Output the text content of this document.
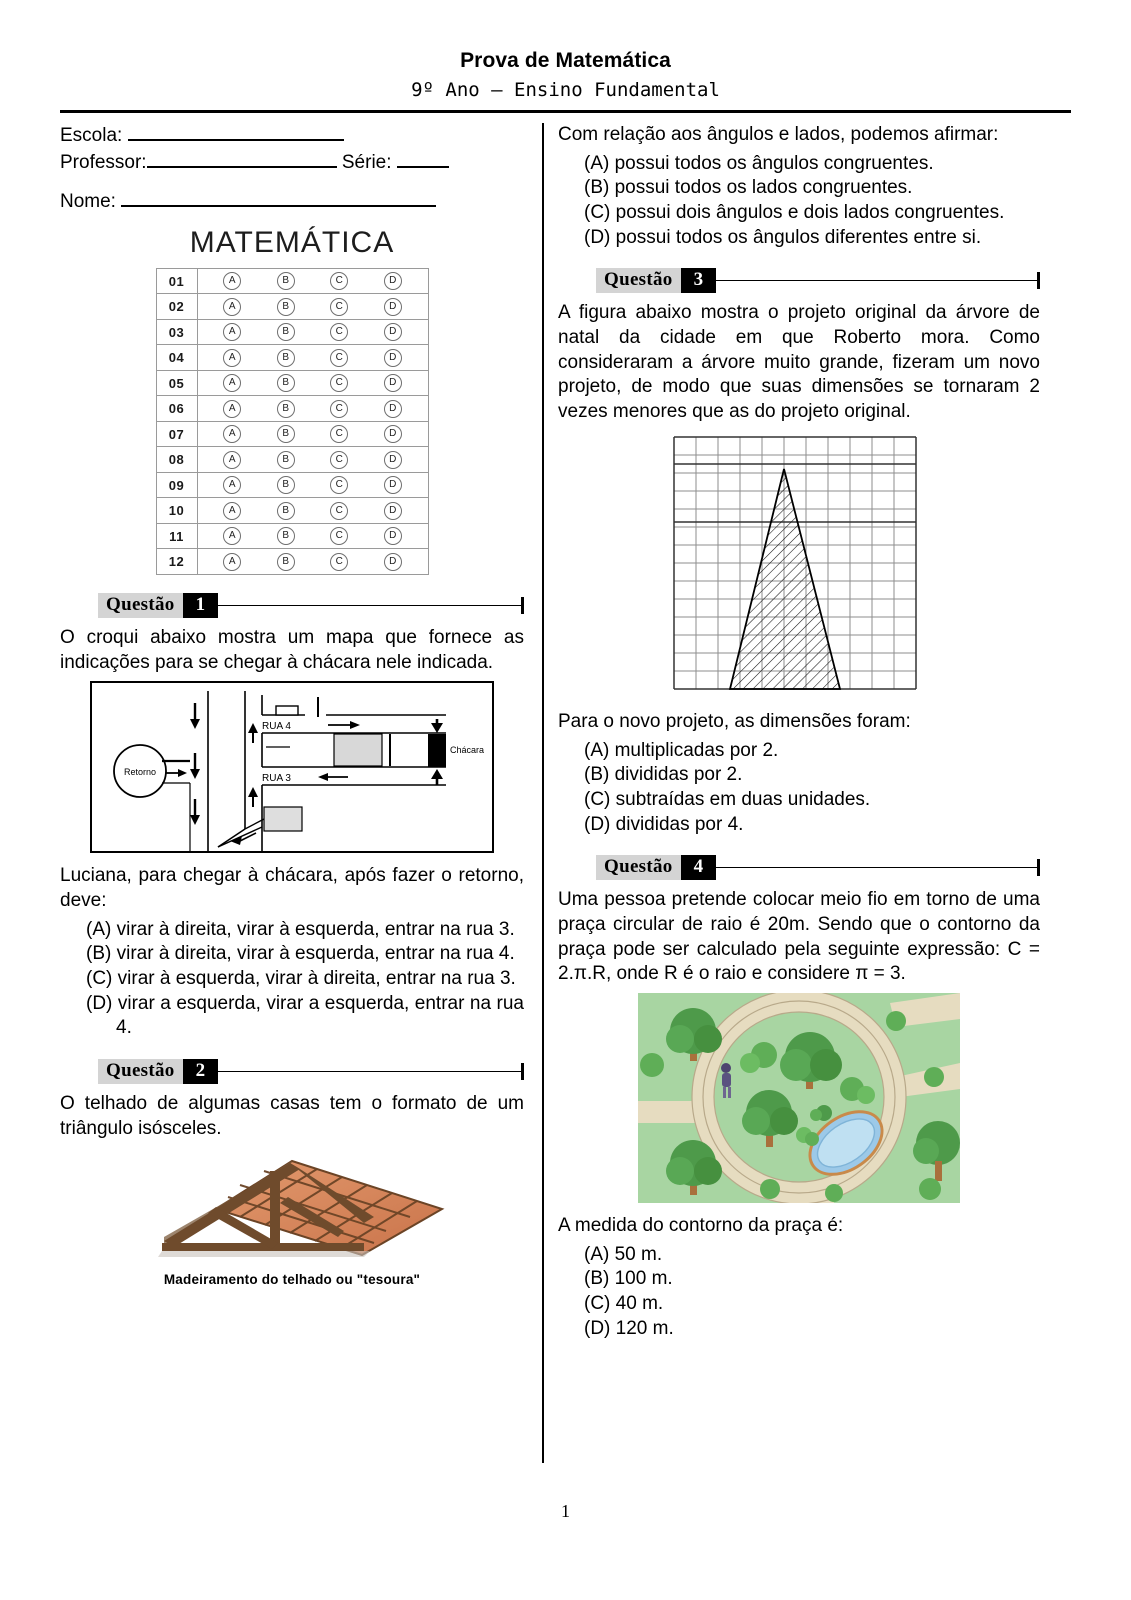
Prova de Matemática
9º Ano – Ensino Fundamental
Escola:
Professor:	Série:
Nome:
MATEMÁTICA
01	A B C D

02	A B C D

03	A B C D

04	A B C D

05	A B C D

06	A B C D

07	A B C D

08	A B C D

09	A B C D

10	A B C D

11	A B C D

12	A B C D
Questão	1

O croqui abaixo mostra um mapa que fornece as indicações para se chegar à chácara nele indicada.

Retorno
RUA 4
Chácara
RUA 3

Luciana, para chegar à chácara, após fazer o retorno, deve:

(A) virar à direita, virar à esquerda, entrar na rua 3.
(B) virar à direita, virar à esquerda, entrar na rua 4.
(C) virar à esquerda, virar à direita, entrar na rua 3.
(D) virar a esquerda, virar a esquerda, entrar na rua 4.
Questão	2

O telhado de algumas casas tem o formato de um triângulo isósceles.

Madeiramento do telhado ou "tesoura"

Com relação aos ângulos e lados, podemos afirmar:

(A) possui todos os ângulos congruentes.
(B) possui todos os lados congruentes.
(C) possui dois ângulos e dois lados congruentes.
(D) possui todos os ângulos diferentes entre si.
Questão	3

A figura abaixo mostra o projeto original da árvore de natal da cidade em que Roberto mora. Como consideraram a árvore muito grande, fizeram um novo projeto, de modo que suas dimensões se tornaram 2 vezes menores que as do projeto original.

Para o novo projeto, as dimensões foram:

(A) multiplicadas por 2.
(B) divididas por 2.
(C) subtraídas em duas unidades.
(D) divididas por 4.
Questão	4

Uma pessoa pretende colocar meio fio em torno de uma praça circular de raio é 20m. Sendo que o contorno da praça pode ser calculado pela seguinte expressão: C = 2.π.R, onde R é o raio e considere π = 3.

A medida do contorno da praça é:

(A) 50 m.
(B) 100 m.
(C) 40 m.
(D) 120 m.
1
